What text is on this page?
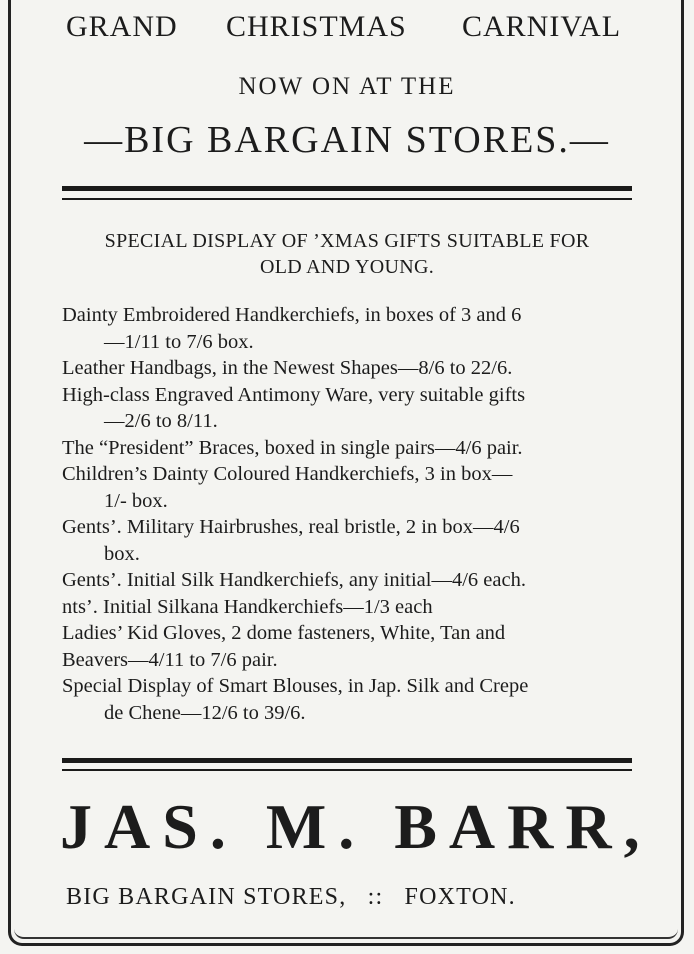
GRAND CHRISTMAS CARNIVAL
NOW ON AT THE
—BIG BARGAIN STORES.—
SPECIAL DISPLAY OF ’XMAS GIFTS SUITABLE FOR
OLD AND YOUNG.

Dainty Embroidered Handkerchiefs, in boxes of 3 and 6
—1/11 to 7/6 box.

Leather Handbags, in the Newest Shapes—8/6 to 22/6.

High-class Engraved Antimony Ware, very suitable gifts
—2/6 to 8/11.

The “President” Braces, boxed in single pairs—4/6 pair.

Children’s Dainty Coloured Handkerchiefs, 3 in box—
1/- box.

Gents’. Military Hairbrushes, real bristle, 2 in box—4/6
box.

Gents’. Initial Silk Handkerchiefs, any initial—4/6 each.

nts’. Initial Silkana Handkerchiefs—1/3 each

Ladies’ Kid Gloves, 2 dome fasteners, White, Tan and

Beavers—4/11 to 7/6 pair.

Special Display of Smart Blouses, in Jap. Silk and Crepe
de Chene—12/6 to 39/6.

JAS. M. BARR,
BIG BARGAIN STORES, :: FOXTON.
